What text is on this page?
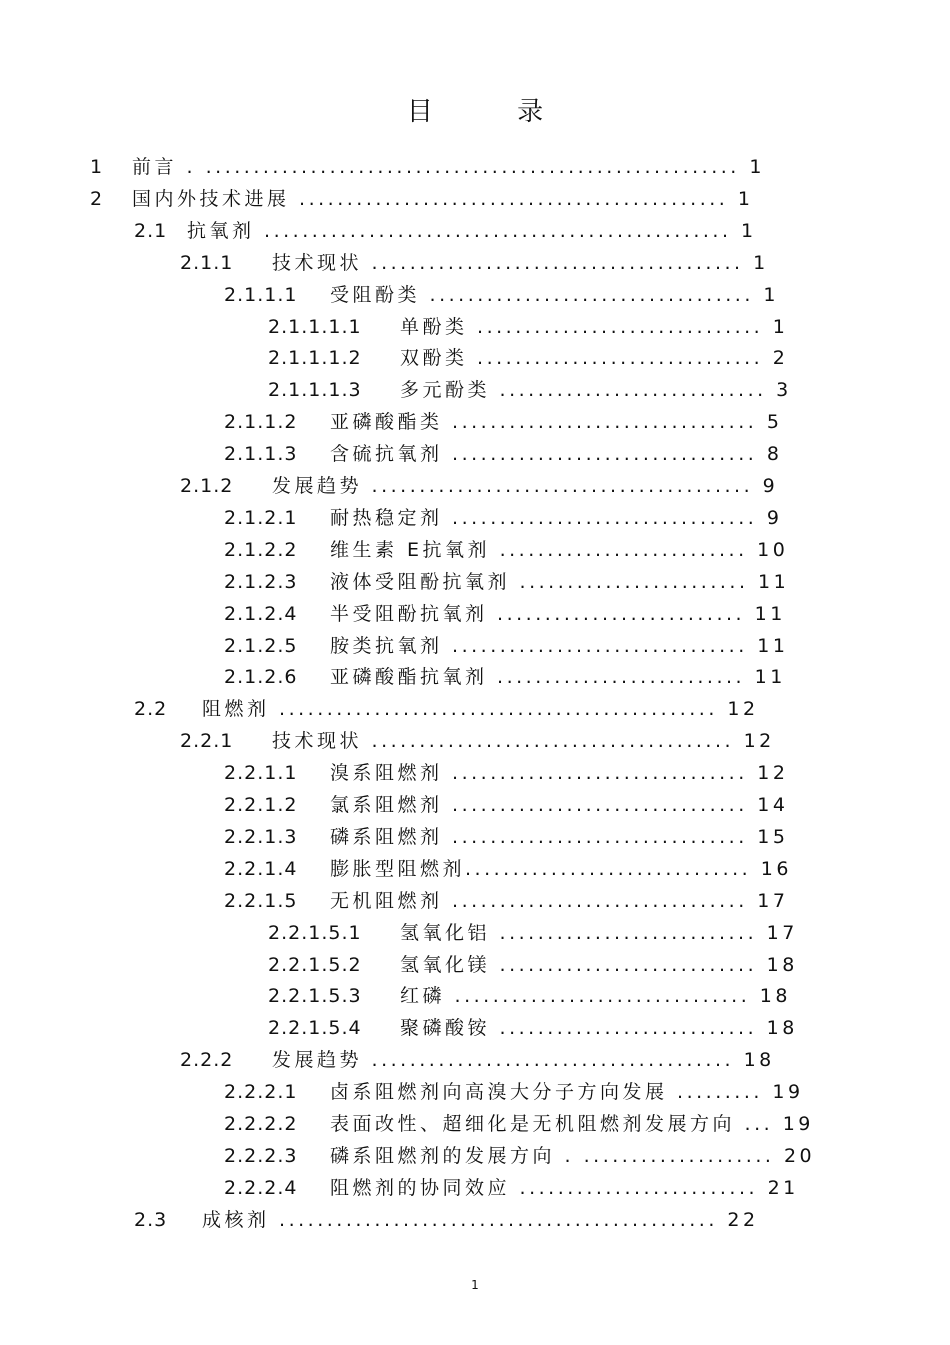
目 录
1 前言 . ........................................................ 1
2 国内外技术进展 ............................................. 1
2.1 抗氧剂 ................................................. 1
2.1.1 技术现状 ....................................... 1
2.1.1.1 受阻酚类 .................................. 1
2.1.1.1.1 单酚类 .............................. 1
2.1.1.1.2 双酚类 .............................. 2
2.1.1.1.3 多元酚类 ............................ 3
2.1.1.2 亚磷酸酯类 ................................ 5
2.1.1.3 含硫抗氧剂 ................................ 8
2.1.2 发展趋势 ........................................ 9
2.1.2.1 耐热稳定剂 ................................ 9
2.1.2.2 维生素 E抗氧剂 .......................... 10
2.1.2.3 液体受阻酚抗氧剂 ........................ 11
2.1.2.4 半受阻酚抗氧剂 .......................... 11
2.1.2.5 胺类抗氧剂 ............................... 11
2.1.2.6 亚磷酸酯抗氧剂 .......................... 11
2.2 阻燃剂 .............................................. 12
2.2.1 技术现状 ...................................... 12
2.2.1.1 溴系阻燃剂 ............................... 12
2.2.1.2 氯系阻燃剂 ............................... 14
2.2.1.3 磷系阻燃剂 ............................... 15
2.2.1.4 膨胀型阻燃剂.............................. 16
2.2.1.5 无机阻燃剂 ............................... 17
2.2.1.5.1 氢氧化铝 ........................... 17
2.2.1.5.2 氢氧化镁 ........................... 18
2.2.1.5.3 红磷 ............................... 18
2.2.1.5.4 聚磷酸铵 ........................... 18
2.2.2 发展趋势 ...................................... 18
2.2.2.1 卤系阻燃剂向高溴大分子方向发展 ......... 19
2.2.2.2 表面改性、超细化是无机阻燃剂发展方向 ... 19
2.2.2.3 磷系阻燃剂的发展方向 . .................... 20
2.2.2.4 阻燃剂的协同效应 ......................... 21
2.3 成核剂 .............................................. 22
1
